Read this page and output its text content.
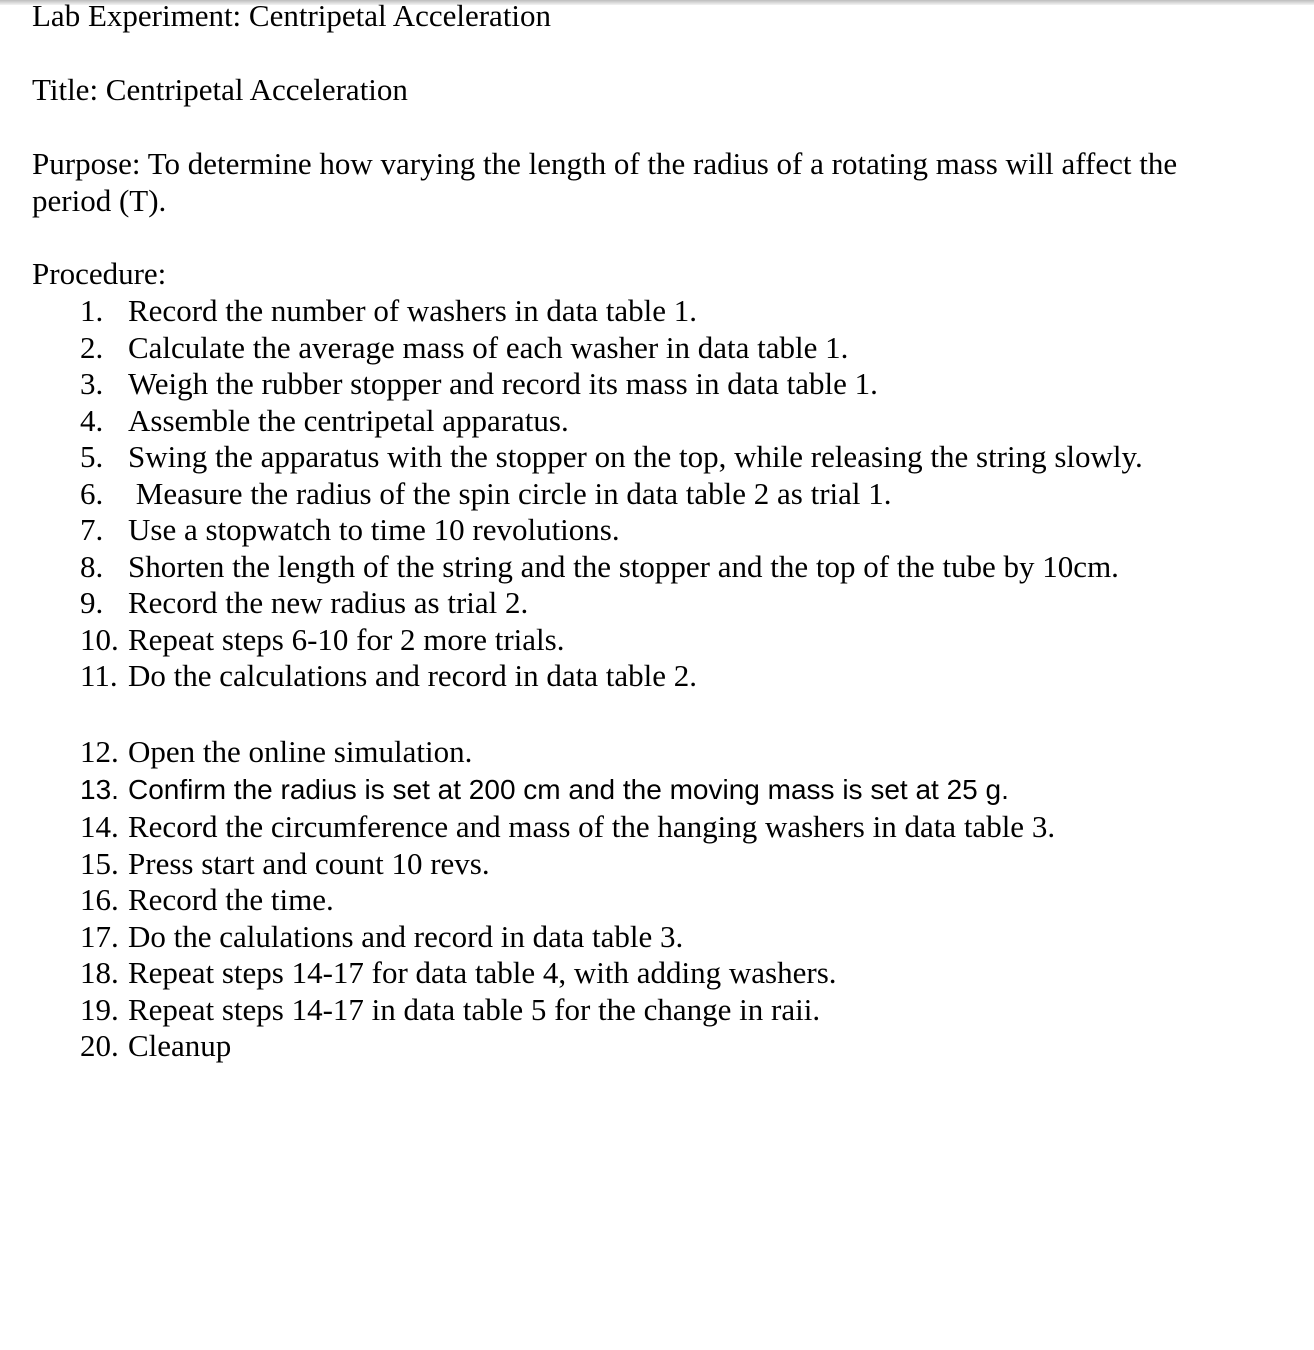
Lab Experiment: Centripetal Acceleration
Title: Centripetal Acceleration
Purpose: To determine how varying the length of the radius of a rotating mass will affect the
period (T).
Procedure:
1. Record the number of washers in data table 1.
2. Calculate the average mass of each washer in data table 1.
3. Weigh the rubber stopper and record its mass in data table 1.
4. Assemble the centripetal apparatus.
5. Swing the apparatus with the stopper on the top, while releasing the string slowly.
6. Measure the radius of the spin circle in data table 2 as trial 1.
7. Use a stopwatch to time 10 revolutions.
8. Shorten the length of the string and the stopper and the top of the tube by 10cm.
9. Record the new radius as trial 2.
10. Repeat steps 6-10 for 2 more trials.
11. Do the calculations and record in data table 2.
12. Open the online simulation.
13. Confirm the radius is set at 200 cm and the moving mass is set at 25 g.
14. Record the circumference and mass of the hanging washers in data table 3.
15. Press start and count 10 revs.
16. Record the time.
17. Do the calulations and record in data table 3.
18. Repeat steps 14-17 for data table 4, with adding washers.
19. Repeat steps 14-17 in data table 5 for the change in raii.
20. Cleanup
